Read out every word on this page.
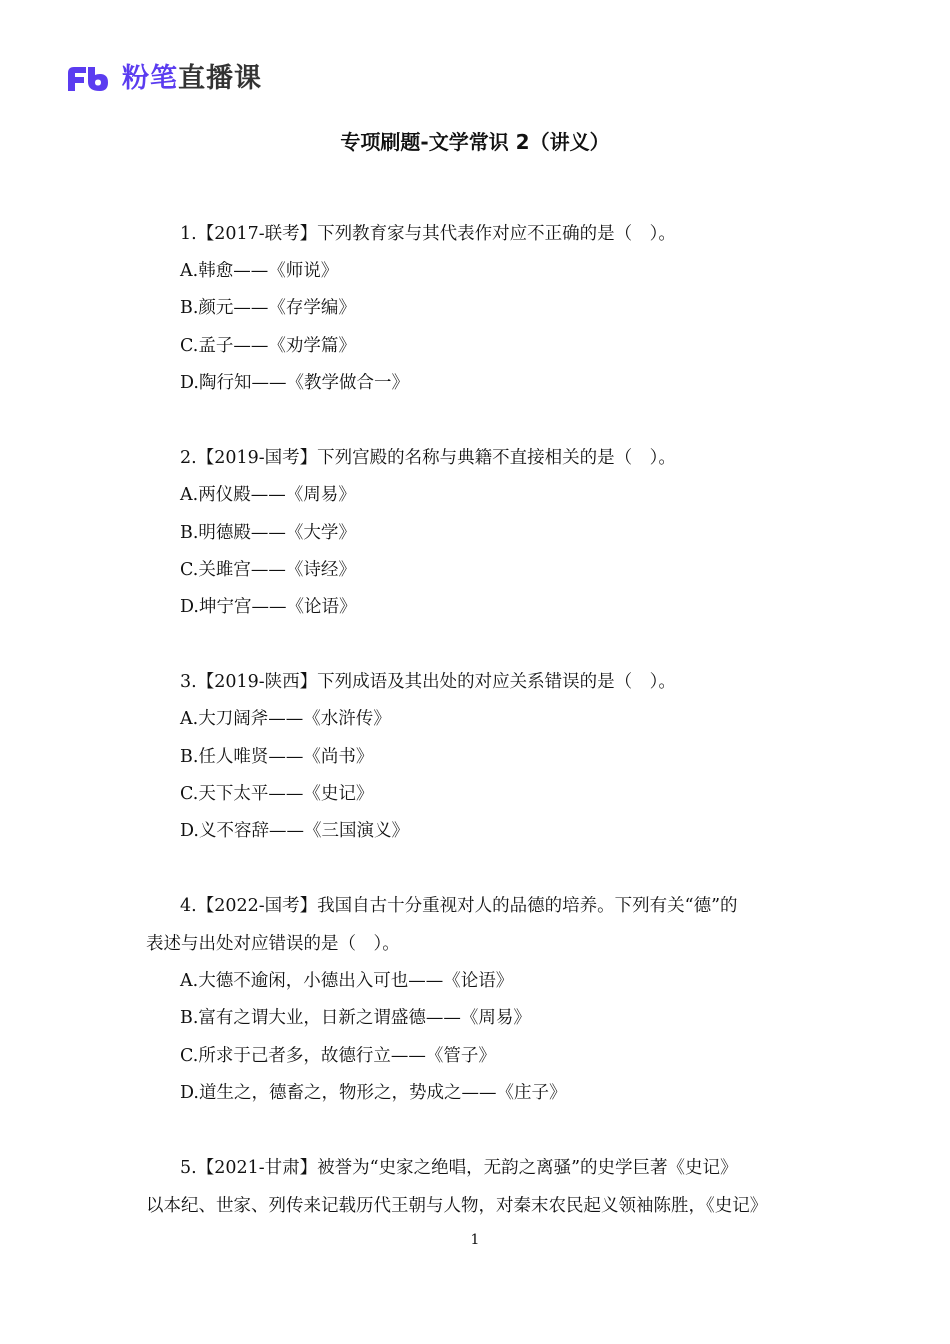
粉笔直播课
专项刷题-文学常识 2（讲义）
1.【2017-联考】下列教育家与其代表作对应不正确的是（　）。
A.韩愈——《师说》
B.颜元——《存学编》
C.孟子——《劝学篇》
D.陶行知——《教学做合一》
2.【2019-国考】下列宫殿的名称与典籍不直接相关的是（　）。
A.两仪殿——《周易》
B.明德殿——《大学》
C.关雎宫——《诗经》
D.坤宁宫——《论语》
3.【2019-陕西】下列成语及其出处的对应关系错误的是（　）。
A.大刀阔斧——《水浒传》
B.任人唯贤——《尚书》
C.天下太平——《史记》
D.义不容辞——《三国演义》
4.【2022-国考】我国自古十分重视对人的品德的培养。下列有关“德”的
表述与出处对应错误的是（　）。
A.大德不逾闲，小德出入可也——《论语》
B.富有之谓大业，日新之谓盛德——《周易》
C.所求于己者多，故德行立——《管子》
D.道生之，德畜之，物形之，势成之——《庄子》
5.【2021-甘肃】被誉为“史家之绝唱，无韵之离骚”的史学巨著《史记》
以本纪、世家、列传来记载历代王朝与人物，对秦末农民起义领袖陈胜，《史记》
1
